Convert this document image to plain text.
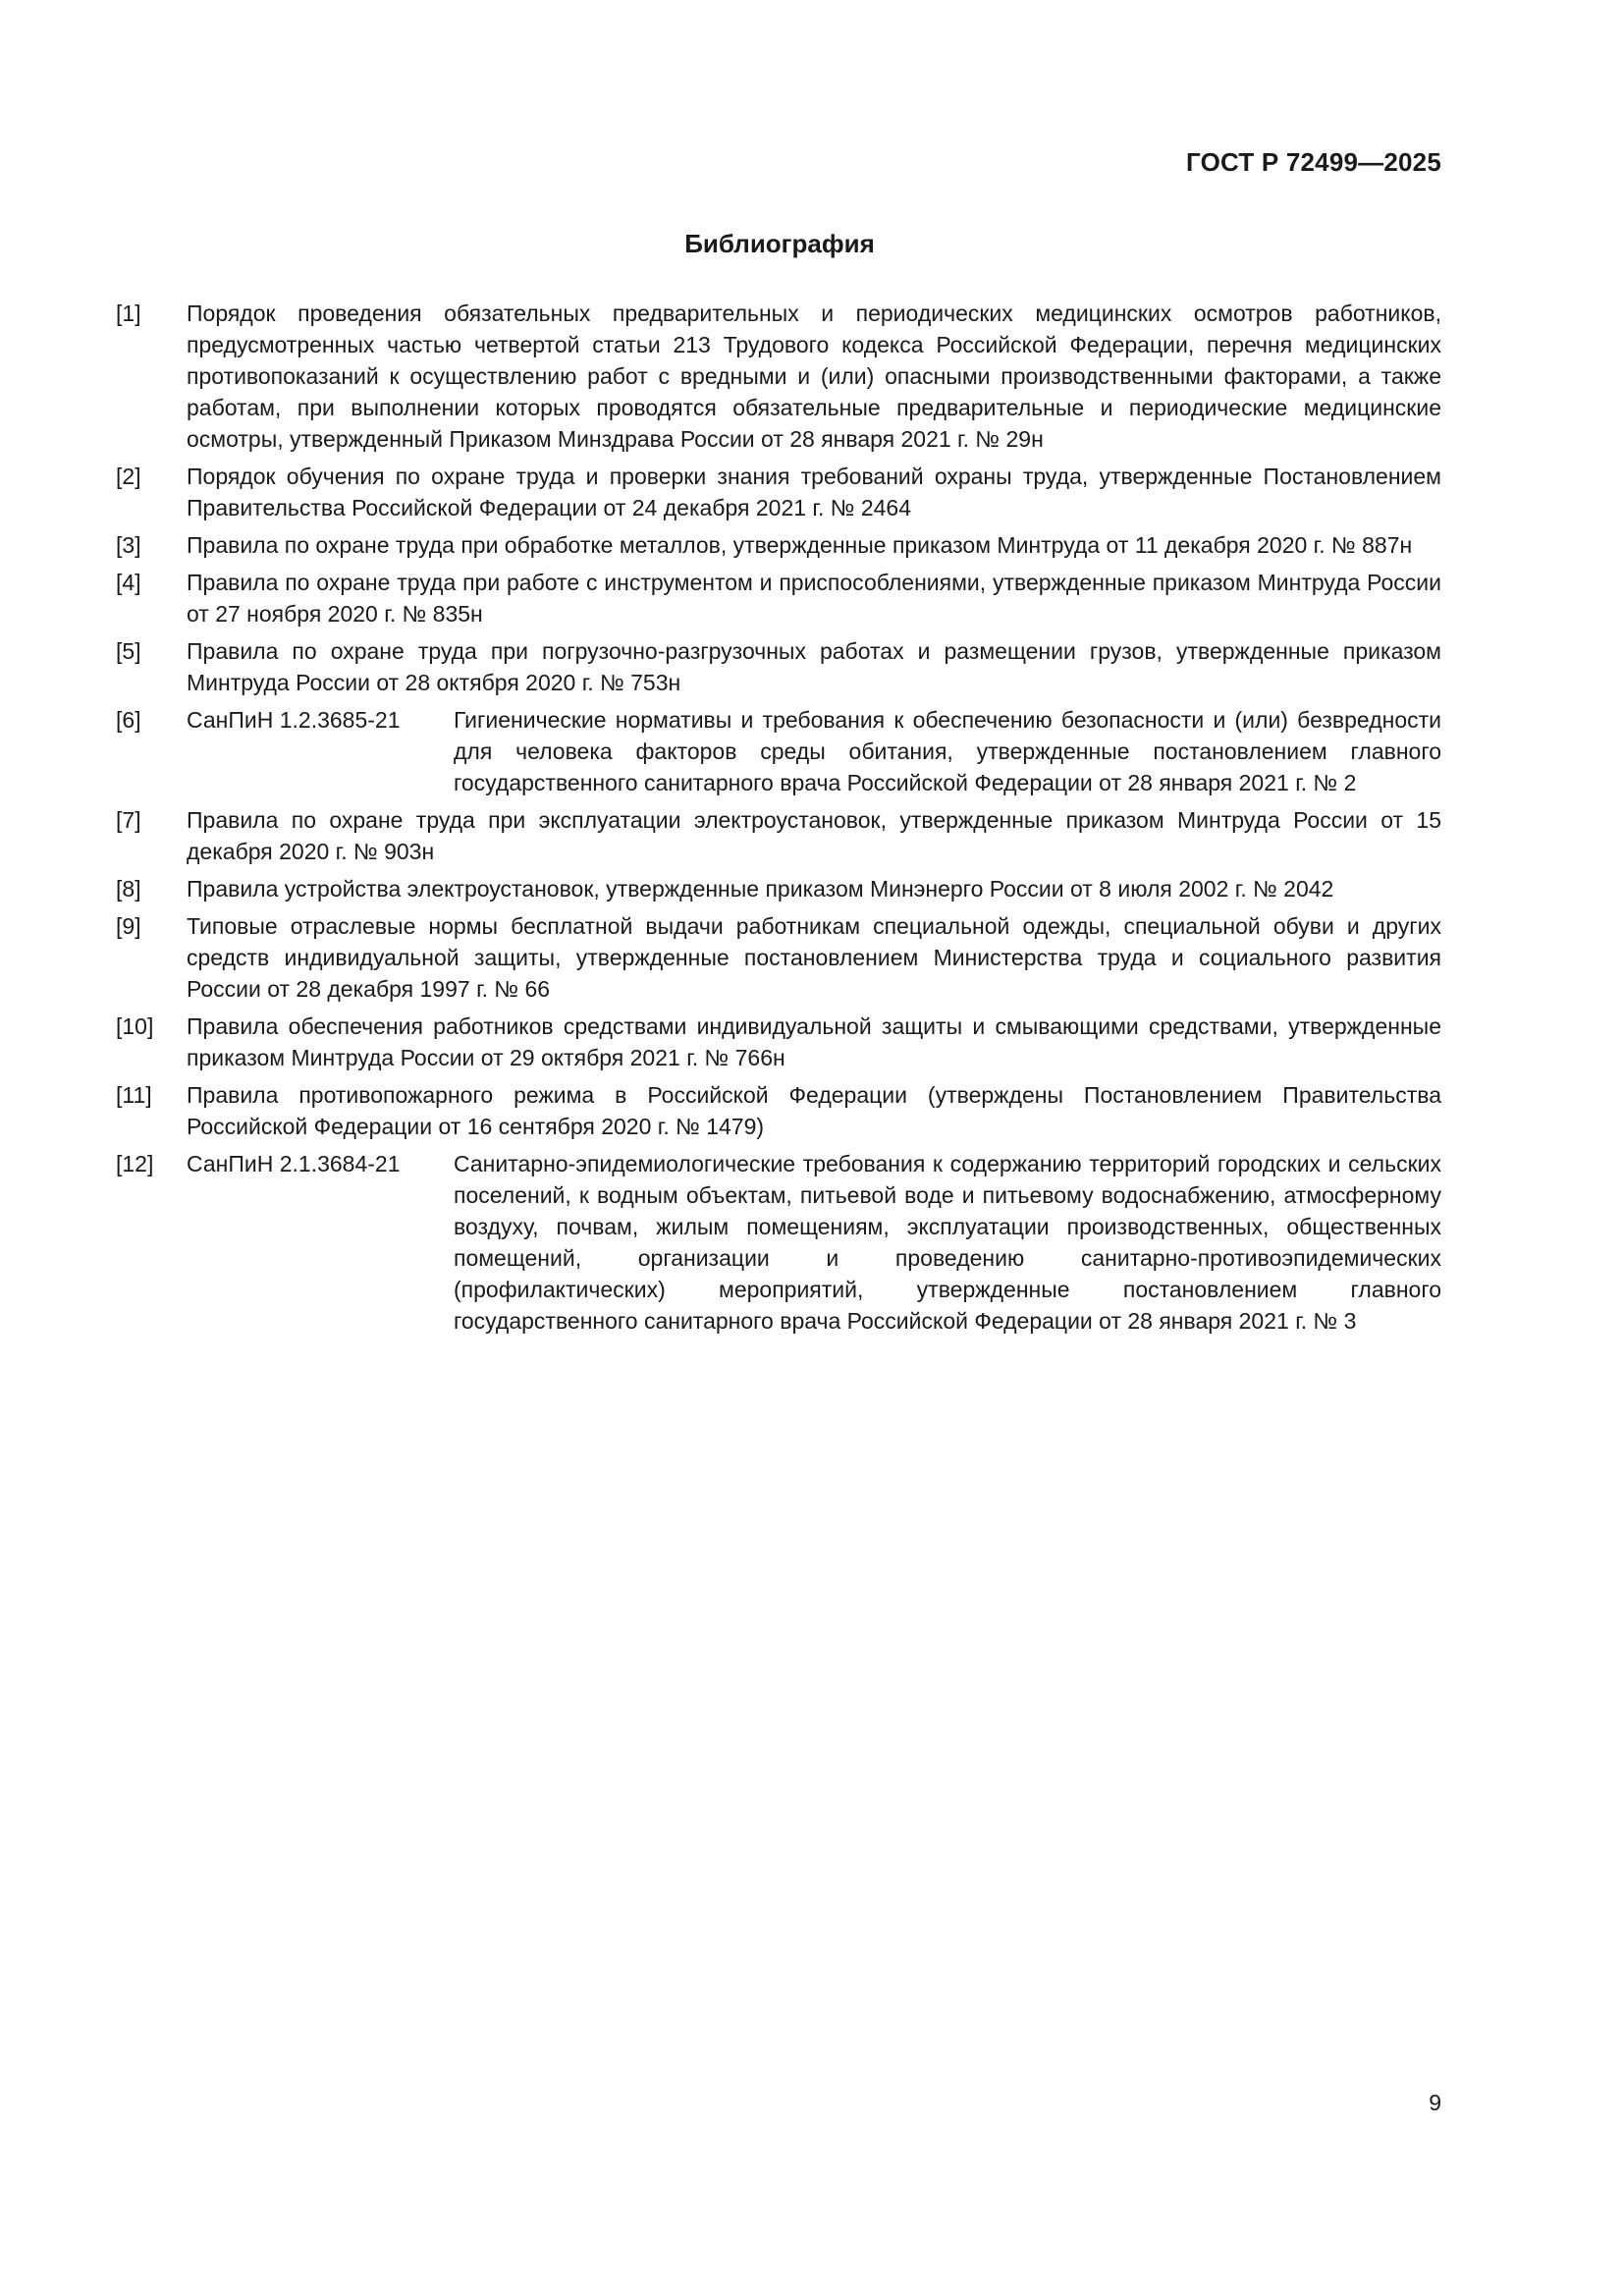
ГОСТ Р 72499—2025
Библиография
[1]	Порядок проведения обязательных предварительных и периодических медицинских осмотров работников, предусмотренных частью четвертой статьи 213 Трудового кодекса Российской Федерации, перечня медицинских противопоказаний к осуществлению работ с вредными и (или) опасными производственными факторами, а также работам, при выполнении которых проводятся обязательные предварительные и периодические медицинские осмотры, утвержденный Приказом Минздрава России от 28 января 2021 г. № 29н
[2]	Порядок обучения по охране труда и проверки знания требований охраны труда, утвержденные Постановлением Правительства Российской Федерации от 24 декабря 2021 г. № 2464
[3]	Правила по охране труда при обработке металлов, утвержденные приказом Минтруда от 11 декабря 2020 г. № 887н
[4]	Правила по охране труда при работе с инструментом и приспособлениями, утвержденные приказом Минтруда России от 27 ноября 2020 г. № 835н
[5]	Правила по охране труда при погрузочно-разгрузочных работах и размещении грузов, утвержденные приказом Минтруда России от 28 октября 2020 г. № 753н
[6]	СанПиН 1.2.3685-21	Гигиенические нормативы и требования к обеспечению безопасности и (или) безвредности для человека факторов среды обитания, утвержденные постановлением главного государственного санитарного врача Российской Федерации от 28 января 2021 г. № 2
[7]	Правила по охране труда при эксплуатации электроустановок, утвержденные приказом Минтруда России от 15 декабря 2020 г. № 903н
[8]	Правила устройства электроустановок, утвержденные приказом Минэнерго России от 8 июля 2002 г. № 2042
[9]	Типовые отраслевые нормы бесплатной выдачи работникам специальной одежды, специальной обуви и других средств индивидуальной защиты, утвержденные постановлением Министерства труда и социального развития России от 28 декабря 1997 г. № 66
[10]	Правила обеспечения работников средствами индивидуальной защиты и смывающими средствами, утвержденные приказом Минтруда России от 29 октября 2021 г. № 766н
[11]	Правила противопожарного режима в Российской Федерации (утверждены Постановлением Правительства Российской Федерации от 16 сентября 2020 г. № 1479)
[12]	СанПиН 2.1.3684-21	Санитарно-эпидемиологические требования к содержанию территорий городских и сельских поселений, к водным объектам, питьевой воде и питьевому водоснабжению, атмосферному воздуху, почвам, жилым помещениям, эксплуатации производственных, общественных помещений, организации и проведению санитарно-противоэпидемических (профилактических) мероприятий, утвержденные постановлением главного государственного санитарного врача Российской Федерации от 28 января 2021 г. № 3
9
